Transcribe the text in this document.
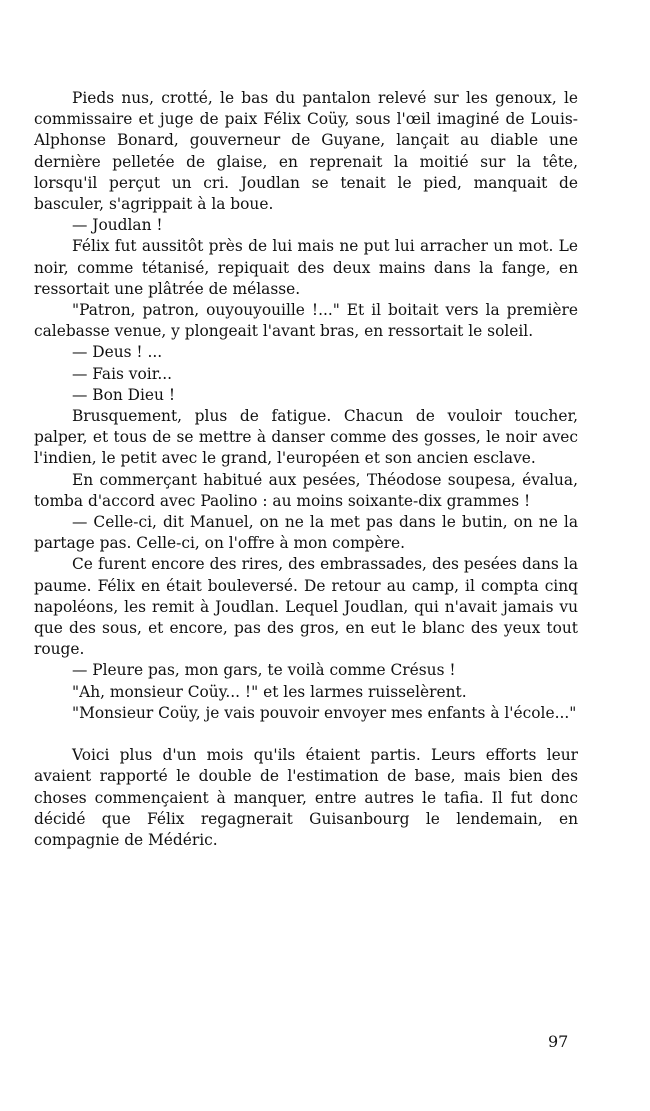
Pieds nus, crotté, le bas du pantalon relevé sur les genoux, le commissaire et juge de paix Félix Coüy, sous l'œil imaginé de Louis-Alphonse Bonard, gouverneur de Guyane, lançait au diable une dernière pelletée de glaise, en reprenait la moitié sur la tête, lorsqu'il perçut un cri. Joudlan se tenait le pied, manquait de basculer, s'agrippait à la boue.

— Joudlan !

Félix fut aussitôt près de lui mais ne put lui arracher un mot. Le noir, comme tétanisé, repiquait des deux mains dans la fange, en ressortait une plâtrée de mélasse.

"Patron, patron, ouyouyouille !..." Et il boitait vers la première calebasse venue, y plongeait l'avant bras, en ressortait le soleil.

— Deus ! ...

— Fais voir...

— Bon Dieu !

Brusquement, plus de fatigue. Chacun de vouloir toucher, palper, et tous de se mettre à danser comme des gosses, le noir avec l'indien, le petit avec le grand, l'européen et son ancien esclave.

En commerçant habitué aux pesées, Théodose soupesa, évalua, tomba d'accord avec Paolino : au moins soixante-dix grammes !

— Celle-ci, dit Manuel, on ne la met pas dans le butin, on ne la partage pas. Celle-ci, on l'offre à mon compère.

Ce furent encore des rires, des embrassades, des pesées dans la paume. Félix en était bouleversé. De retour au camp, il compta cinq napoléons, les remit à Joudlan. Lequel Joudlan, qui n'avait jamais vu que des sous, et encore, pas des gros, en eut le blanc des yeux tout rouge.

— Pleure pas, mon gars, te voilà comme Crésus !

"Ah, monsieur Coüy... !" et les larmes ruisselèrent.

"Monsieur Coüy, je vais pouvoir envoyer mes enfants à l'école..."

Voici plus d'un mois qu'ils étaient partis. Leurs efforts leur avaient rapporté le double de l'estimation de base, mais bien des choses commençaient à manquer, entre autres le tafia. Il fut donc décidé que Félix regagnerait Guisanbourg le lendemain, en compagnie de Médéric.

97
